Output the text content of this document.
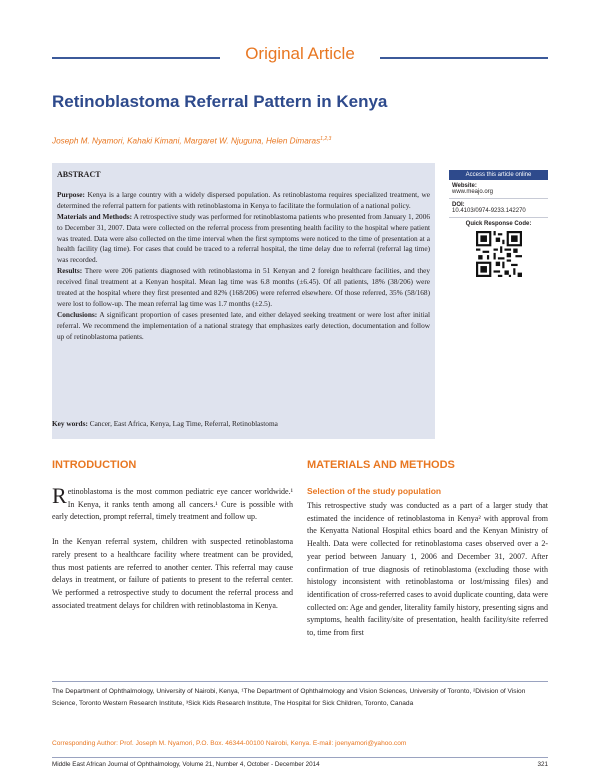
Original Article
Retinoblastoma Referral Pattern in Kenya
Joseph M. Nyamori, Kahaki Kimani, Margaret W. Njuguna, Helen Dimaras$^{1,2,3}$
ABSTRACT

Purpose: Kenya is a large country with a widely dispersed population. As retinoblastoma requires specialized treatment, we determined the referral pattern for patients with retinoblastoma in Kenya to facilitate the formulation of a national policy.

Materials and Methods: A retrospective study was performed for retinoblastoma patients who presented from January 1, 2006 to December 31, 2007. Data were collected on the referral process from presenting health facility to the hospital where patient was treated. Data were also collected on the time interval when the first symptoms were noticed to the time of presentation at a health facility (lag time). For cases that could be traced to a referral hospital, the time delay due to referral (referral lag time) was recorded.

Results: There were 206 patients diagnosed with retinoblastoma in 51 Kenyan and 2 foreign healthcare facilities, and they received final treatment at a Kenyan hospital. Mean lag time was 6.8 months (±6.45). Of all patients, 18% (38/206) were treated at the hospital where they first presented and 82% (168/206) were referred elsewhere. Of those referred, 35% (58/168) were lost to follow-up. The mean referral lag time was 1.7 months (±2.5).

Conclusions: A significant proportion of cases presented late, and either delayed seeking treatment or were lost after initial referral. We recommend the implementation of a national strategy that emphasizes early detection, documentation and follow up of retinoblastoma patients.

Key words: Cancer, East Africa, Kenya, Lag Time, Referral, Retinoblastoma
Access this article online
Website:
www.meajo.org
DOI:
10.4103/0974-9233.142270
Quick Response Code:
INTRODUCTION

Retinoblastoma is the most common pediatric eye cancer worldwide.¹ In Kenya, it ranks tenth among all cancers.¹ Cure is possible with early detection, prompt referral, timely treatment and follow up.

In the Kenyan referral system, children with suspected retinoblastoma rarely present to a healthcare facility where treatment can be provided, thus most patients are referred to another center. This referral may cause delays in treatment, or failure of patients to present to the referral center. We performed a retrospective study to document the referral process and associated treatment delays for children with retinoblastoma in Kenya.

MATERIALS AND METHODS
Selection of the study population

This retrospective study was conducted as a part of a larger study that estimated the incidence of retinoblastoma in Kenya² with approval from the Kenyatta National Hospital ethics board and the Kenyan Ministry of Health. Data were collected for retinoblastoma cases observed over a 2-year period between January 1, 2006 and December 31, 2007. After confirmation of true diagnosis of retinoblastoma (excluding those with histology inconsistent with retinoblastoma or lost/missing files) and identification of cross-referred cases to avoid duplicate counting, data were collected on: Age and gender, literality family history, presenting signs and symptoms, health facility/site of presentation, health facility/site referred to, time from first

The Department of Ophthalmology, University of Nairobi, Kenya, ¹The Department of Ophthalmology and Vision Sciences, University of Toronto, ²Division of Vision Science, Toronto Western Research Institute, ³Sick Kids Research Institute, The Hospital for Sick Children, Toronto, Canada
Corresponding Author: Prof. Joseph M. Nyamori, P.O. Box. 46344-00100 Nairobi, Kenya. E-mail: joenyamori@yahoo.com
Middle East African Journal of Ophthalmology, Volume 21, Number 4, October - December 2014	321
